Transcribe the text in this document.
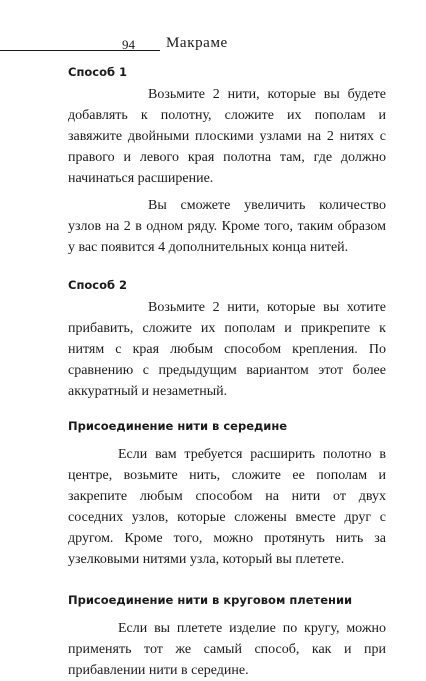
94 Макраме
Способ 1

Возьмите 2 нити, которые вы будете добавлять к полотну, сложите их пополам и завяжите двойными плоскими узлами на 2 нитях с правого и левого края полотна там, где должно начинаться расширение.

Вы сможете увеличить количество узлов на 2 в одном ряду. Кроме того, таким образом у вас появится 4 дополнительных конца нитей.

Способ 2

Возьмите 2 нити, которые вы хотите прибавить, сложите их пополам и прикрепите к нитям с края любым способом крепления. По сравнению с предыдущим вариантом этот более аккуратный и незаметный.

Присоединение нити в середине

Если вам требуется расширить полотно в центре, возьмите нить, сложите ее пополам и закрепите любым способом на нити от двух соседних узлов, которые сложены вместе друг с другом. Кроме того, можно протянуть нить за узелковыми нитями узла, который вы плетете.

Присоединение нити в круговом плетении

Если вы плетете изделие по кругу, можно применять тот же самый способ, как и при прибавлении нити в середине.
